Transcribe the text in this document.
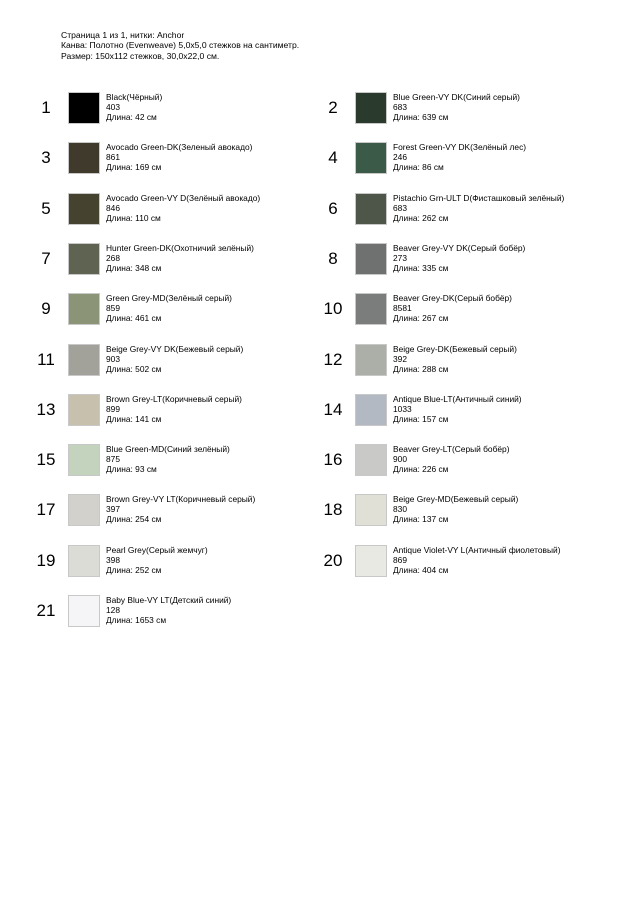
Страница 1 из 1, нитки: Anchor
Канва: Полотно (Evenweave) 5,0x5,0 стежков на сантиметр.
Размер: 150x112 стежков, 30,0x22,0 см.
1
Black(Чёрный)
403
Длина: 42 см
2
Blue Green-VY DK(Синий серый)
683
Длина: 639 см
3
Avocado Green-DK(Зеленый авокадо)
861
Длина: 169 см
4
Forest Green-VY DK(Зелёный лес)
246
Длина: 86 см
5
Avocado Green-VY D(Зелёный авокадо)
846
Длина: 110 см
6
Pistachio Grn-ULT D(Фисташковый зелёный)
683
Длина: 262 см
7
Hunter Green-DK(Охотничий зелёный)
268
Длина: 348 см
8
Beaver Grey-VY DK(Серый бобёр)
273
Длина: 335 см
9
Green Grey-MD(Зелёный серый)
859
Длина: 461 см
10
Beaver Grey-DK(Серый бобёр)
8581
Длина: 267 см
11
Beige Grey-VY DK(Бежевый серый)
903
Длина: 502 см
12
Beige Grey-DK(Бежевый серый)
392
Длина: 288 см
13
Brown Grey-LT(Коричневый серый)
899
Длина: 141 см
14
Antique Blue-LT(Античный синий)
1033
Длина: 157 см
15
Blue Green-MD(Синий зелёный)
875
Длина: 93 см
16
Beaver Grey-LT(Серый бобёр)
900
Длина: 226 см
17
Brown Grey-VY LT(Коричневый серый)
397
Длина: 254 см
18
Beige Grey-MD(Бежевый серый)
830
Длина: 137 см
19
Pearl Grey(Серый жемчуг)
398
Длина: 252 см
20
Antique Violet-VY L(Античный фиолетовый)
869
Длина: 404 см
21
Baby Blue-VY LT(Детский синий)
128
Длина: 1653 см
